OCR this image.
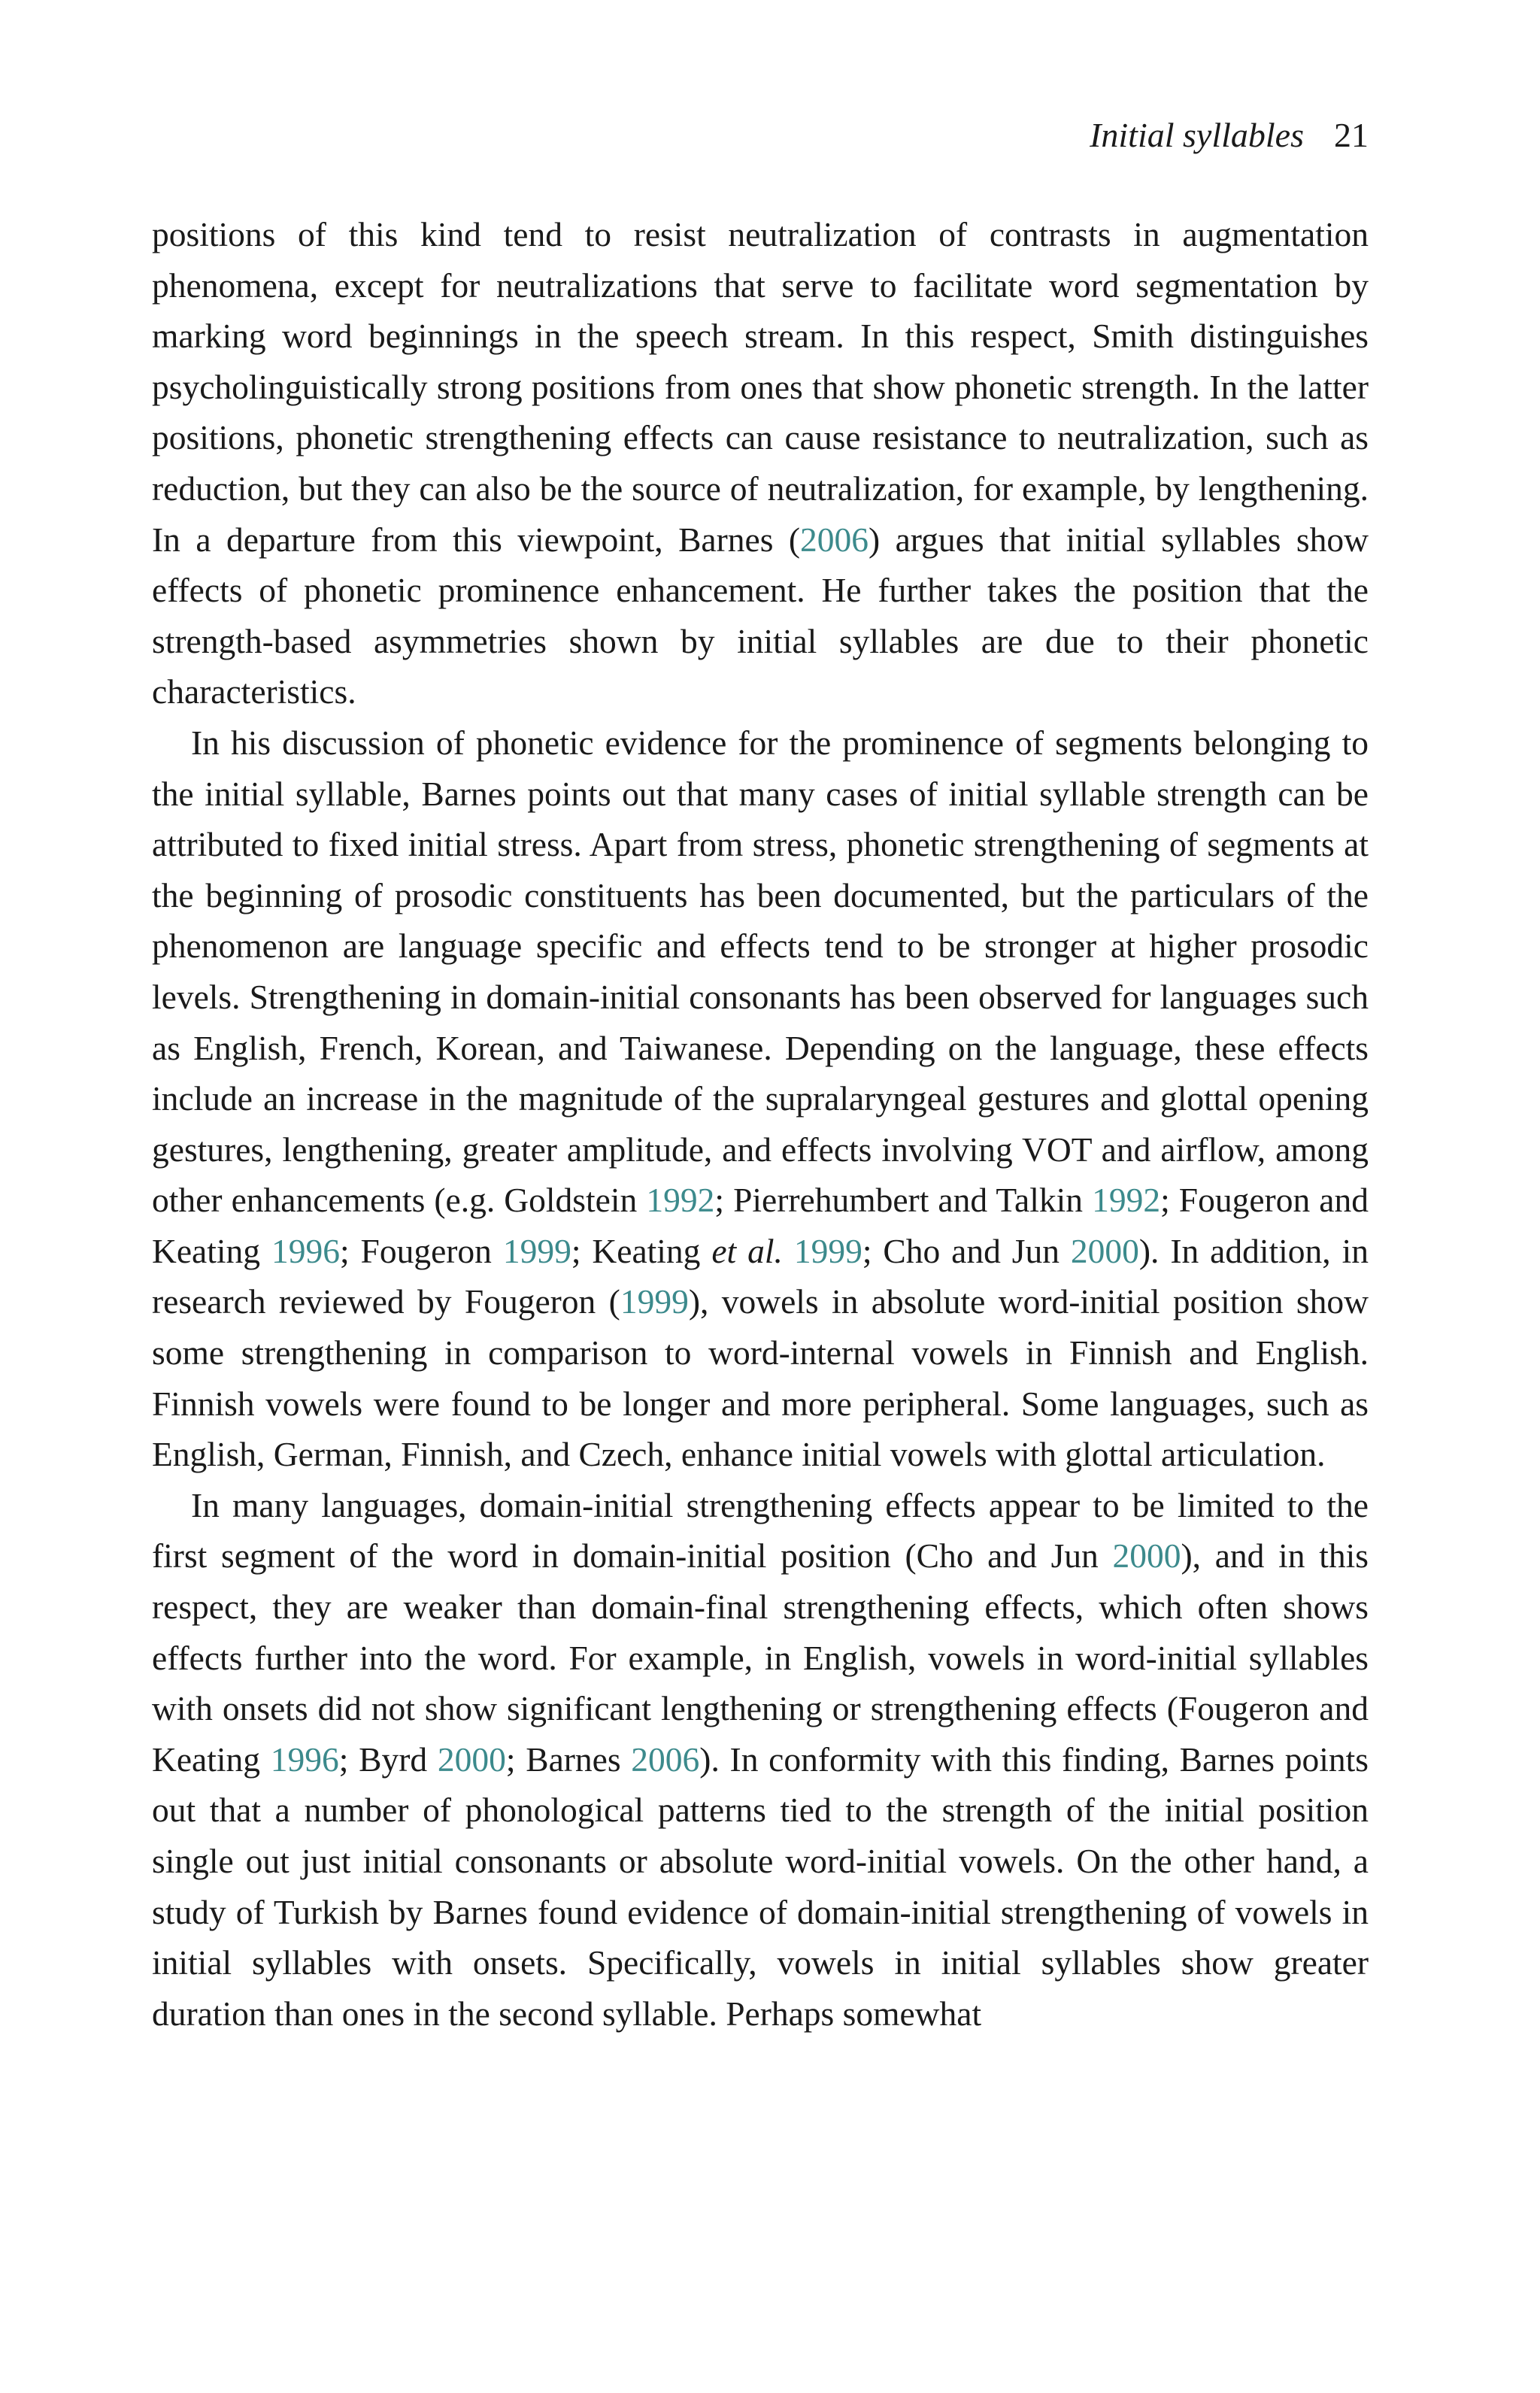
Initial syllables 21

positions of this kind tend to resist neutralization of contrasts in augmentation phenomena, except for neutralizations that serve to facilitate word segmentation by marking word beginnings in the speech stream. In this respect, Smith distinguishes psycholinguistically strong positions from ones that show phonetic strength. In the latter positions, phonetic strengthening effects can cause resistance to neutralization, such as reduction, but they can also be the source of neutralization, for example, by lengthening. In a departure from this viewpoint, Barnes (2006) argues that initial syllables show effects of phonetic prominence enhancement. He further takes the position that the strength-based asymmetries shown by initial syllables are due to their phonetic characteristics.

In his discussion of phonetic evidence for the prominence of segments belonging to the initial syllable, Barnes points out that many cases of initial syllable strength can be attributed to fixed initial stress. Apart from stress, phonetic strengthening of segments at the beginning of prosodic constituents has been documented, but the particulars of the phenomenon are language specific and effects tend to be stronger at higher prosodic levels. Strengthening in domain-initial consonants has been observed for languages such as English, French, Korean, and Taiwanese. Depending on the language, these effects include an increase in the magnitude of the supralaryngeal gestures and glottal opening gestures, lengthening, greater amplitude, and effects involving VOT and airflow, among other enhancements (e.g. Goldstein 1992; Pierrehumbert and Talkin 1992; Fougeron and Keating 1996; Fougeron 1999; Keating et al. 1999; Cho and Jun 2000). In addition, in research reviewed by Fougeron (1999), vowels in absolute word-initial position show some strengthening in comparison to word-internal vowels in Finnish and English. Finnish vowels were found to be longer and more peripheral. Some languages, such as English, German, Finnish, and Czech, enhance initial vowels with glottal articulation.

In many languages, domain-initial strengthening effects appear to be limited to the first segment of the word in domain-initial position (Cho and Jun 2000), and in this respect, they are weaker than domain-final strengthening effects, which often shows effects further into the word. For example, in English, vowels in word-initial syllables with onsets did not show significant lengthening or strengthening effects (Fougeron and Keating 1996; Byrd 2000; Barnes 2006). In conformity with this finding, Barnes points out that a number of phonological patterns tied to the strength of the initial position single out just initial consonants or absolute word-initial vowels. On the other hand, a study of Turkish by Barnes found evidence of domain-initial strengthening of vowels in initial syllables with onsets. Specifically, vowels in initial syllables show greater duration than ones in the second syllable. Perhaps somewhat
